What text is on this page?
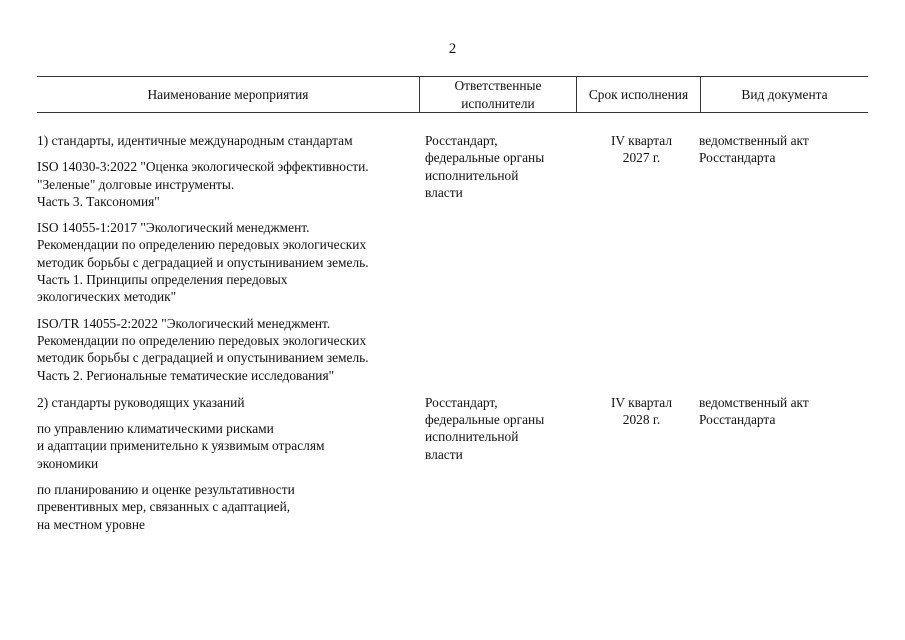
2
Наименование мероприятия
Ответственные
исполнители
Срок исполнения	Вид документа

1) стандарты, идентичные международным стандартам

ISO 14030-3:2022 "Оценка экологической эффективности.
"Зеленые" долговые инструменты.
Часть 3. Таксономия"

ISO 14055-1:2017 "Экологический менеджмент.
Рекомендации по определению передовых экологических
методик борьбы с деградацией и опустыниванием земель.
Часть 1. Принципы определения передовых
экологических методик"

ISO/TR 14055-2:2022 "Экологический менеджмент.
Рекомендации по определению передовых экологических
методик борьбы с деградацией и опустыниванием земель.
Часть 2. Региональные тематические исследования"

Росстандарт,
федеральные органы
исполнительной
власти

IV квартал
2027 г.

ведомственный акт
Росстандарта

2) стандарты руководящих указаний

по управлению климатическими рисками
и адаптации применительно к уязвимым отраслям
экономики

по планированию и оценке результативности
превентивных мер, связанных с адаптацией,
на местном уровне

Росстандарт,
федеральные органы
исполнительной
власти

IV квартал
2028 г.

ведомственный акт
Росстандарта
